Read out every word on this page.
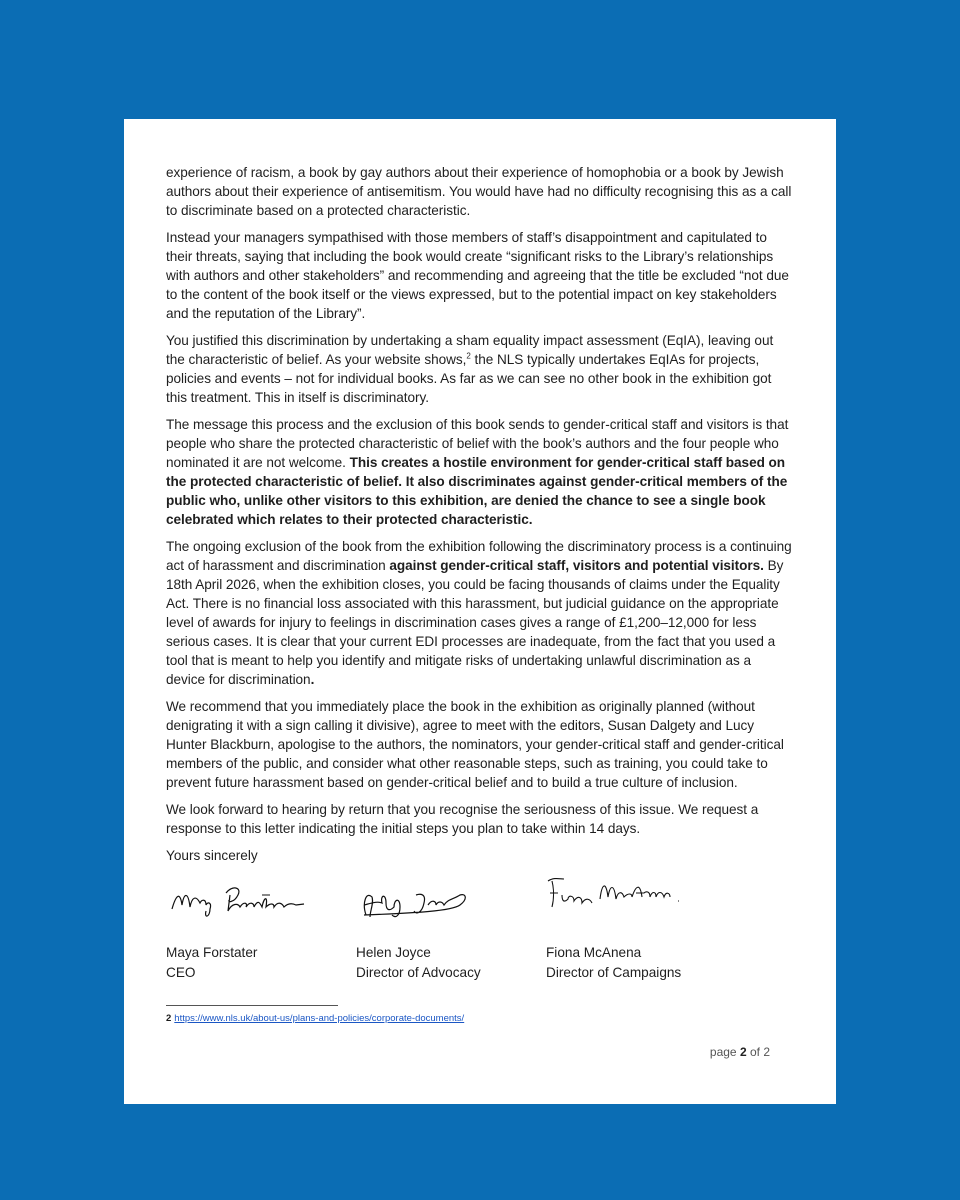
experience of racism, a book by gay authors about their experience of homophobia or a book by Jewish authors about their experience of antisemitism. You would have had no difficulty recognising this as a call to discriminate based on a protected characteristic.

Instead your managers sympathised with those members of staff’s disappointment and capitulated to their threats, saying that including the book would create “significant risks to the Library’s relationships with authors and other stakeholders” and recommending and agreeing that the title be excluded “not due to the content of the book itself or the views expressed, but to the potential impact on key stakeholders and the reputation of the Library”.

You justified this discrimination by undertaking a sham equality impact assessment (EqIA), leaving out the characteristic of belief. As your website shows,$^2$ the NLS typically undertakes EqIAs for projects, policies and events – not for individual books. As far as we can see no other book in the exhibition got this treatment. This in itself is discriminatory.

The message this process and the exclusion of this book sends to gender-critical staff and visitors is that people who share the protected characteristic of belief with the book’s authors and the four people who nominated it are not welcome. This creates a hostile environment for gender-critical staff based on the protected characteristic of belief. It also discriminates against gender-critical members of the public who, unlike other visitors to this exhibition, are denied the chance to see a single book celebrated which relates to their protected characteristic.

The ongoing exclusion of the book from the exhibition following the discriminatory process is a continuing act of harassment and discrimination against gender-critical staff, visitors and potential visitors. By 18th April 2026, when the exhibition closes, you could be facing thousands of claims under the Equality Act. There is no financial loss associated with this harassment, but judicial guidance on the appropriate level of awards for injury to feelings in discrimination cases gives a range of £1,200–12,000 for less serious cases. It is clear that your current EDI processes are inadequate, from the fact that you used a tool that is meant to help you identify and mitigate risks of undertaking unlawful discrimination as a device for discrimination.

We recommend that you immediately place the book in the exhibition as originally planned (without denigrating it with a sign calling it divisive), agree to meet with the editors, Susan Dalgety and Lucy Hunter Blackburn, apologise to the authors, the nominators, your gender-critical staff and gender-critical members of the public, and consider what other reasonable steps, such as training, you could take to prevent future harassment based on gender-critical belief and to build a true culture of inclusion.

We look forward to hearing by return that you recognise the seriousness of this issue. We request a response to this letter indicating the initial steps you plan to take within 14 days.

Yours sincerely

Maya Forstater
CEO
Helen Joyce
Director of Advocacy
Fiona McAnena
Director of Campaigns
2 https://www.nls.uk/about-us/plans-and-policies/corporate-documents/
page 2 of 2
